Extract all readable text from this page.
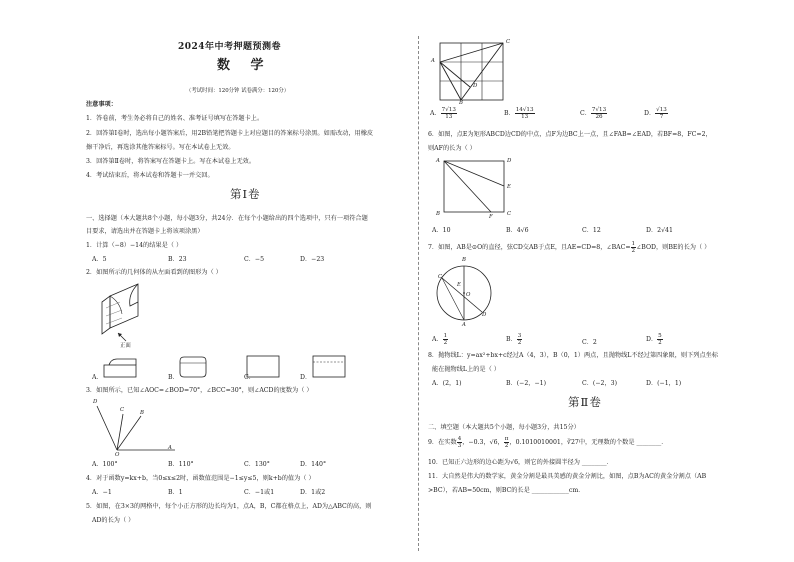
2024年中考押题预测卷
数 学
（考试时间：120分钟 试卷满分：120分）
注意事项：
1．答卷前，考生务必将自己的姓名、准考证号填写在答题卡上。
2．回答第Ⅰ卷时，选出每小题答案后，用2B铅笔把答题卡上对应题目的答案标号涂黑。如需改动，用橡皮
擦干净后，再选涂其他答案标号。写在本试卷上无效。
3．回答第Ⅱ卷时，将答案写在答题卡上。写在本试卷上无效。
4．考试结束后，将本试卷和答题卡一并交回。
第Ⅰ卷
一、选择题（本大题共8个小题，每小题3分，共24分．在每个小题给出的四个选项中，只有一项符合题
目要求，请选出并在答题卡上将该项涂黑）
1．计算（−8）−14的结果是（ ）
A．5	B．23	C．−5	D．−23
2．如图所示的几何体的从左面看到的图形为（ ）
正面
A．	B．	C．	D．
3．如图所示，已知∠AOC=∠BOD=70°，∠BCC=30°，则∠ACD的度数为（ ）
D
C	B
O
A
A．100°	B．110°	C．130°	D．140°
4．对于函数y=kx+b，当0≤x≤2时，函数值范围是−1≤y≤5，则k+b的值为（ ）
A．−1	B．1	C．−1或1	D．1或2
5．如图，在3×3的网格中，每个小正方形的边长均为1，点A，B，C都在格点上，AD为△ABC的高，则
AD的长为（ ）
A
C
B
D
A． $\frac{7√13}{13}$	B． $\frac{14√13}{13}$	C． $\frac{7√13}{26}$	D． $\frac{√13}{7}$
6．如图，点E为矩形ABCD边CD的中点，点F为边BC上一点，且∠FAB=∠EAD，若BF=8，FC=2，
则AF的长为（ ）
A	D
E
B	F	C
A．10	B．4√6	C．12	D．2√41
7．如图，AB是⊙O的直径，弦CD交AB于点E，且AE=CD=8，∠BAC= $\frac{1}{2}$ ∠BOD，则BE的长为（ ）
B
C
D
E
O
A
A． $\frac{1}{2}$	B． $\frac{3}{2}$	C．2	D． $\frac{5}{2}$
8．抛物线L：y=ax²+bx+c经过A（4，3），B（0，1）两点，且抛物线L不经过第四象限，则下列点坐标
能在抛物线L上的是（ ）
A．(2，1)	B．(−2，−1)	C．(−2，3)	D．(−1，1)
第Ⅱ卷
二、填空题（本大题共5个小题，每小题3分，共15分）
9．在实数 $\frac{4}{3}$ ，−0.3，√6， $\frac{\pi}{2}$ ，0.1010010001，∛27中，无理数的个数是 ________．
10．已知正六边形的边心距为√6，则它的外接圆半径为 ________．
11．大自然是伟大的数学家，黄金分割是最具美感的黄金分割比，如图，点B为AC的黄金分割点（AB
>BC），若AB=50cm，则BC的长是 ____________cm．
